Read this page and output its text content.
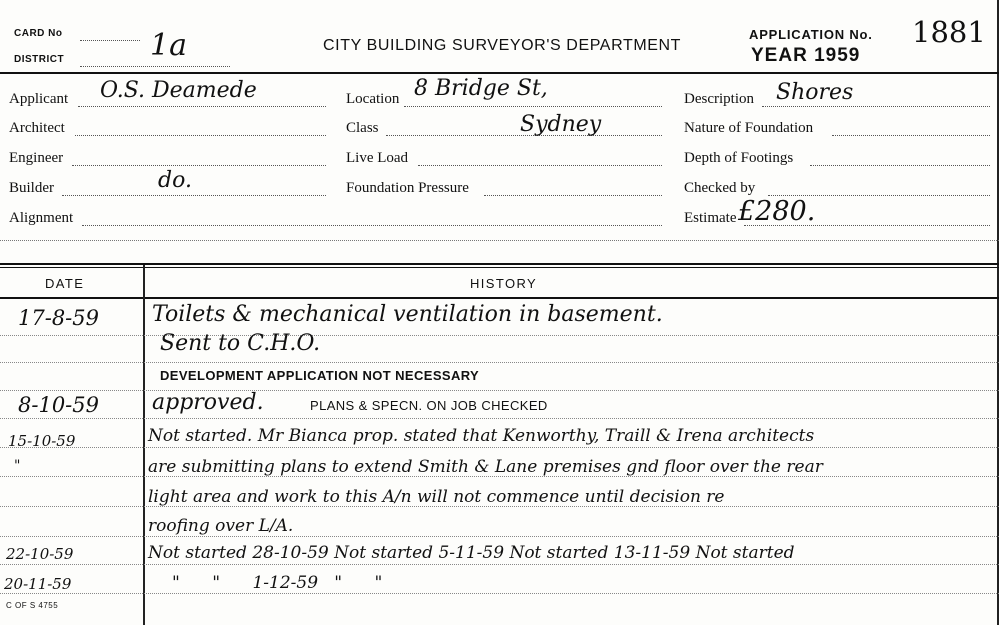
CARD No
DISTRICT	1a	CITY BUILDING SURVEYOR'S DEPARTMENT
APPLICATION No.
YEAR 1959
1881
Applicant O.S. Deamede
Architect
Engineer
Builder	do.
Alignment
Location 8 Bridge St,
Class	Sydney
Live Load
Foundation Pressure
Description Shores
Nature of Foundation
Depth of Footings
Checked by
Estimate £280.
DATE	HISTORY
17-8-59 Toilets & mechanical ventilation in basement.
Sent to C.H.O.
DEVELOPMENT APPLICATION NOT NECESSARY
8-10-59 approved.	PLANS & SPECN. ON JOB CHECKED
15-10-59	Not started. Mr Bianca prop. stated that Kenworthy, Traill & Irena architects
"	are submitting plans to extend Smith & Lane premises gnd floor over the rear
light area and work to this A/n will not commence until decision re
roofing over L/A.
22-10-59	Not started 28-10-59 Not started 5-11-59 Not started 13-11-59 Not started
20-11-59	"      "      1-12-59   "      "
C OF S 4755
